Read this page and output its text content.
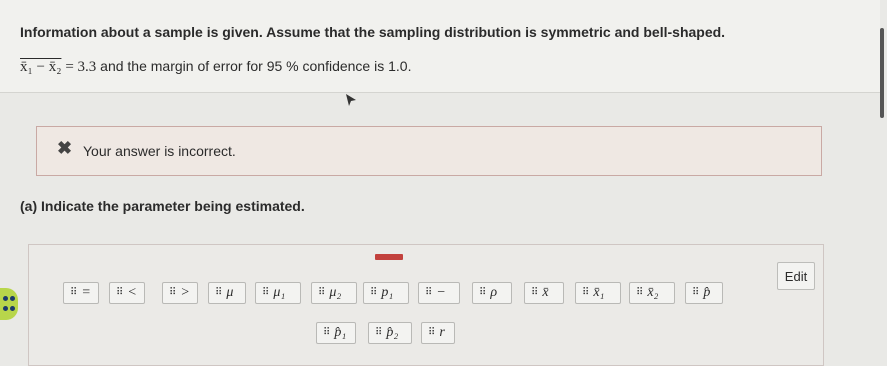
Information about a sample is given. Assume that the sampling distribution is symmetric and bell-shaped.
x̄₁ − x̄₂ = 3.3 and the margin of error for 95 % confidence is 1.0.
✖ Your answer is incorrect.
(a) Indicate the parameter being estimated.
⠿ =	⠿ <	⠿ >	⠿ μ	⠿ μ₁	⠿ μ₂	⠿ p₁	⠿ −	⠿ ρ	⠿ x̄	⠿ x̄₁	⠿ x̄₂	⠿ p̂
⠿ p̂₁	⠿ p̂₂	⠿ r
Edit
